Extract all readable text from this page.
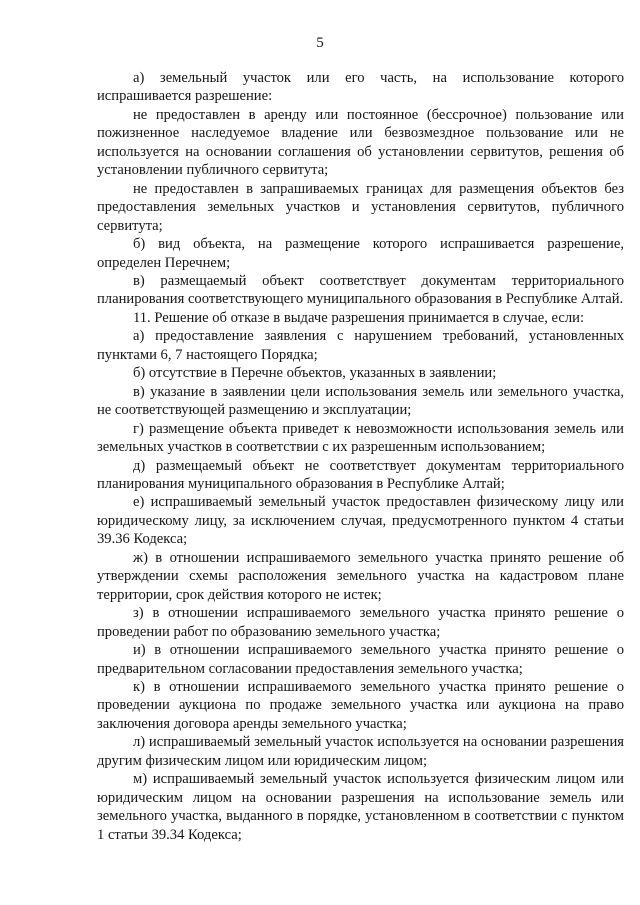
5

а) земельный участок или его часть, на использование которого испрашивается разрешение:

не предоставлен в аренду или постоянное (бессрочное) пользование или пожизненное наследуемое владение или безвозмездное пользование или не используется на основании соглашения об установлении сервитутов, решения об установлении публичного сервитута;

не предоставлен в запрашиваемых границах для размещения объектов без предоставления земельных участков и установления сервитутов, публичного сервитута;

б) вид объекта, на размещение которого испрашивается разрешение, определен Перечнем;

в) размещаемый объект соответствует документам территориального планирования соответствующего муниципального образования в Республике Алтай.

11. Решение об отказе в выдаче разрешения принимается в случае, если:

а) предоставление заявления с нарушением требований, установленных пунктами 6, 7 настоящего Порядка;

б) отсутствие в Перечне объектов, указанных в заявлении;

в) указание в заявлении цели использования земель или земельного участка, не соответствующей размещению и эксплуатации;

г) размещение объекта приведет к невозможности использования земель или земельных участков в соответствии с их разрешенным использованием;

д) размещаемый объект не соответствует документам территориального планирования муниципального образования в Республике Алтай;

е) испрашиваемый земельный участок предоставлен физическому лицу или юридическому лицу, за исключением случая, предусмотренного пунктом 4 статьи 39.36 Кодекса;

ж) в отношении испрашиваемого земельного участка принято решение об утверждении схемы расположения земельного участка на кадастровом плане территории, срок действия которого не истек;

з) в отношении испрашиваемого земельного участка принято решение о проведении работ по образованию земельного участка;

и) в отношении испрашиваемого земельного участка принято решение о предварительном согласовании предоставления земельного участка;

к) в отношении испрашиваемого земельного участка принято решение о проведении аукциона по продаже земельного участка или аукциона на право заключения договора аренды земельного участка;

л) испрашиваемый земельный участок используется на основании разрешения другим физическим лицом или юридическим лицом;

м) испрашиваемый земельный участок используется физическим лицом или юридическим лицом на основании разрешения на использование земель или земельного участка, выданного в порядке, установленном в соответствии с пунктом 1 статьи 39.34 Кодекса;
